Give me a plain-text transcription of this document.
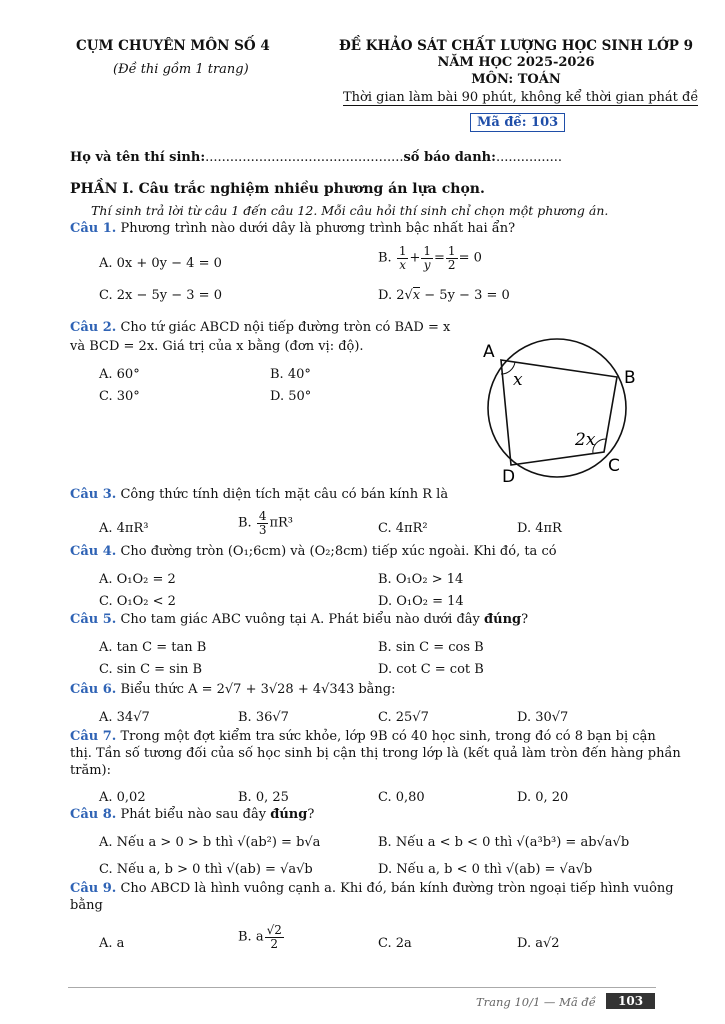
CỤM CHUYÊN MÔN SỐ 4
(Đề thi gồm 1 trang)
ĐỀ KHẢO SÁT CHẤT LƯỢNG HỌC SINH LỚP 9
NĂM HỌC 2025-2026
MÔN: TOÁN
Thời gian làm bài 90 phút, không kể thời gian phát đề
Mã đề: 103
Họ và tên thí sinh:................................................số báo danh:................
PHẦN I. Câu trắc nghiệm nhiều phương án lựa chọn.
Thí sinh trả lời từ câu 1 đến câu 12. Mỗi câu hỏi thí sinh chỉ chọn một phương án.
Câu 1. Phương trình nào dưới dây là phương trình bậc nhất hai ẩn?
A. 0x + 0y − 4 = 0	B. $\frac{1}{x} + \frac{1}{y} = \frac{1}{2} = 0$
C. 2x − 5y − 3 = 0	D. 2√ x − 5y − 3 = 0
Câu 2. Cho tứ giác ABCD nội tiếp đường tròn có BAD = x
và BCD = 2x. Giá trị của x bằng (đơn vị: độ).
A. 60°	B. 40°
C. 30°	D. 50°
A
B
C
D
x
2x
Câu 3. Công thức tính diện tích mặt câu có bán kính R là
A. 4πR³	B. $\frac{4}{3} \pi R^3$	C. 4πR²	D. 4πR
Câu 4. Cho đường tròn (O₁;6cm) và (O₂;8cm) tiếp xúc ngoài. Khi đó, ta có
A. O₁O₂ = 2	B. O₁O₂ > 14
C. O₁O₂ < 2	D. O₁O₂ = 14
Câu 5. Cho tam giác ABC vuông tại A. Phát biểu nào dưới đây đúng?
A. tan C = tan B	B. sin C = cos B
C. sin C = sin B	D. cot C = cot B
Câu 6. Biểu thức A = 2√7 + 3√28 + 4√343 bằng:
A. 34√7	B. 36√7	C. 25√7	D. 30√7
Câu 7. Trong một đợt kiểm tra sức khỏe, lớp 9B có 40 học sinh, trong đó có 8 bạn bị cận
thị. Tần số tương đối của số học sinh bị cận thị trong lớp là (kết quả làm tròn đến hàng phần
trăm):
A. 0,02	B. 0, 25	C. 0,80	D. 0, 20
Câu 8. Phát biểu nào sau đây đúng?
A. Nếu a > 0 > b thì √(ab²) = b√a	B. Nếu a < b < 0 thì √(a³b³) = ab√a√b
C. Nếu a, b > 0 thì √(ab) = √a√b	D. Nếu a, b < 0 thì √(ab) = √a√b
Câu 9. Cho ABCD là hình vuông cạnh a. Khi đó, bán kính đường tròn ngoại tiếp hình vuông
bằng
A. a	B. a $\frac{√2}{2}$	C. 2a	D. a√2
Trang 10/1 — Mã đề	103
